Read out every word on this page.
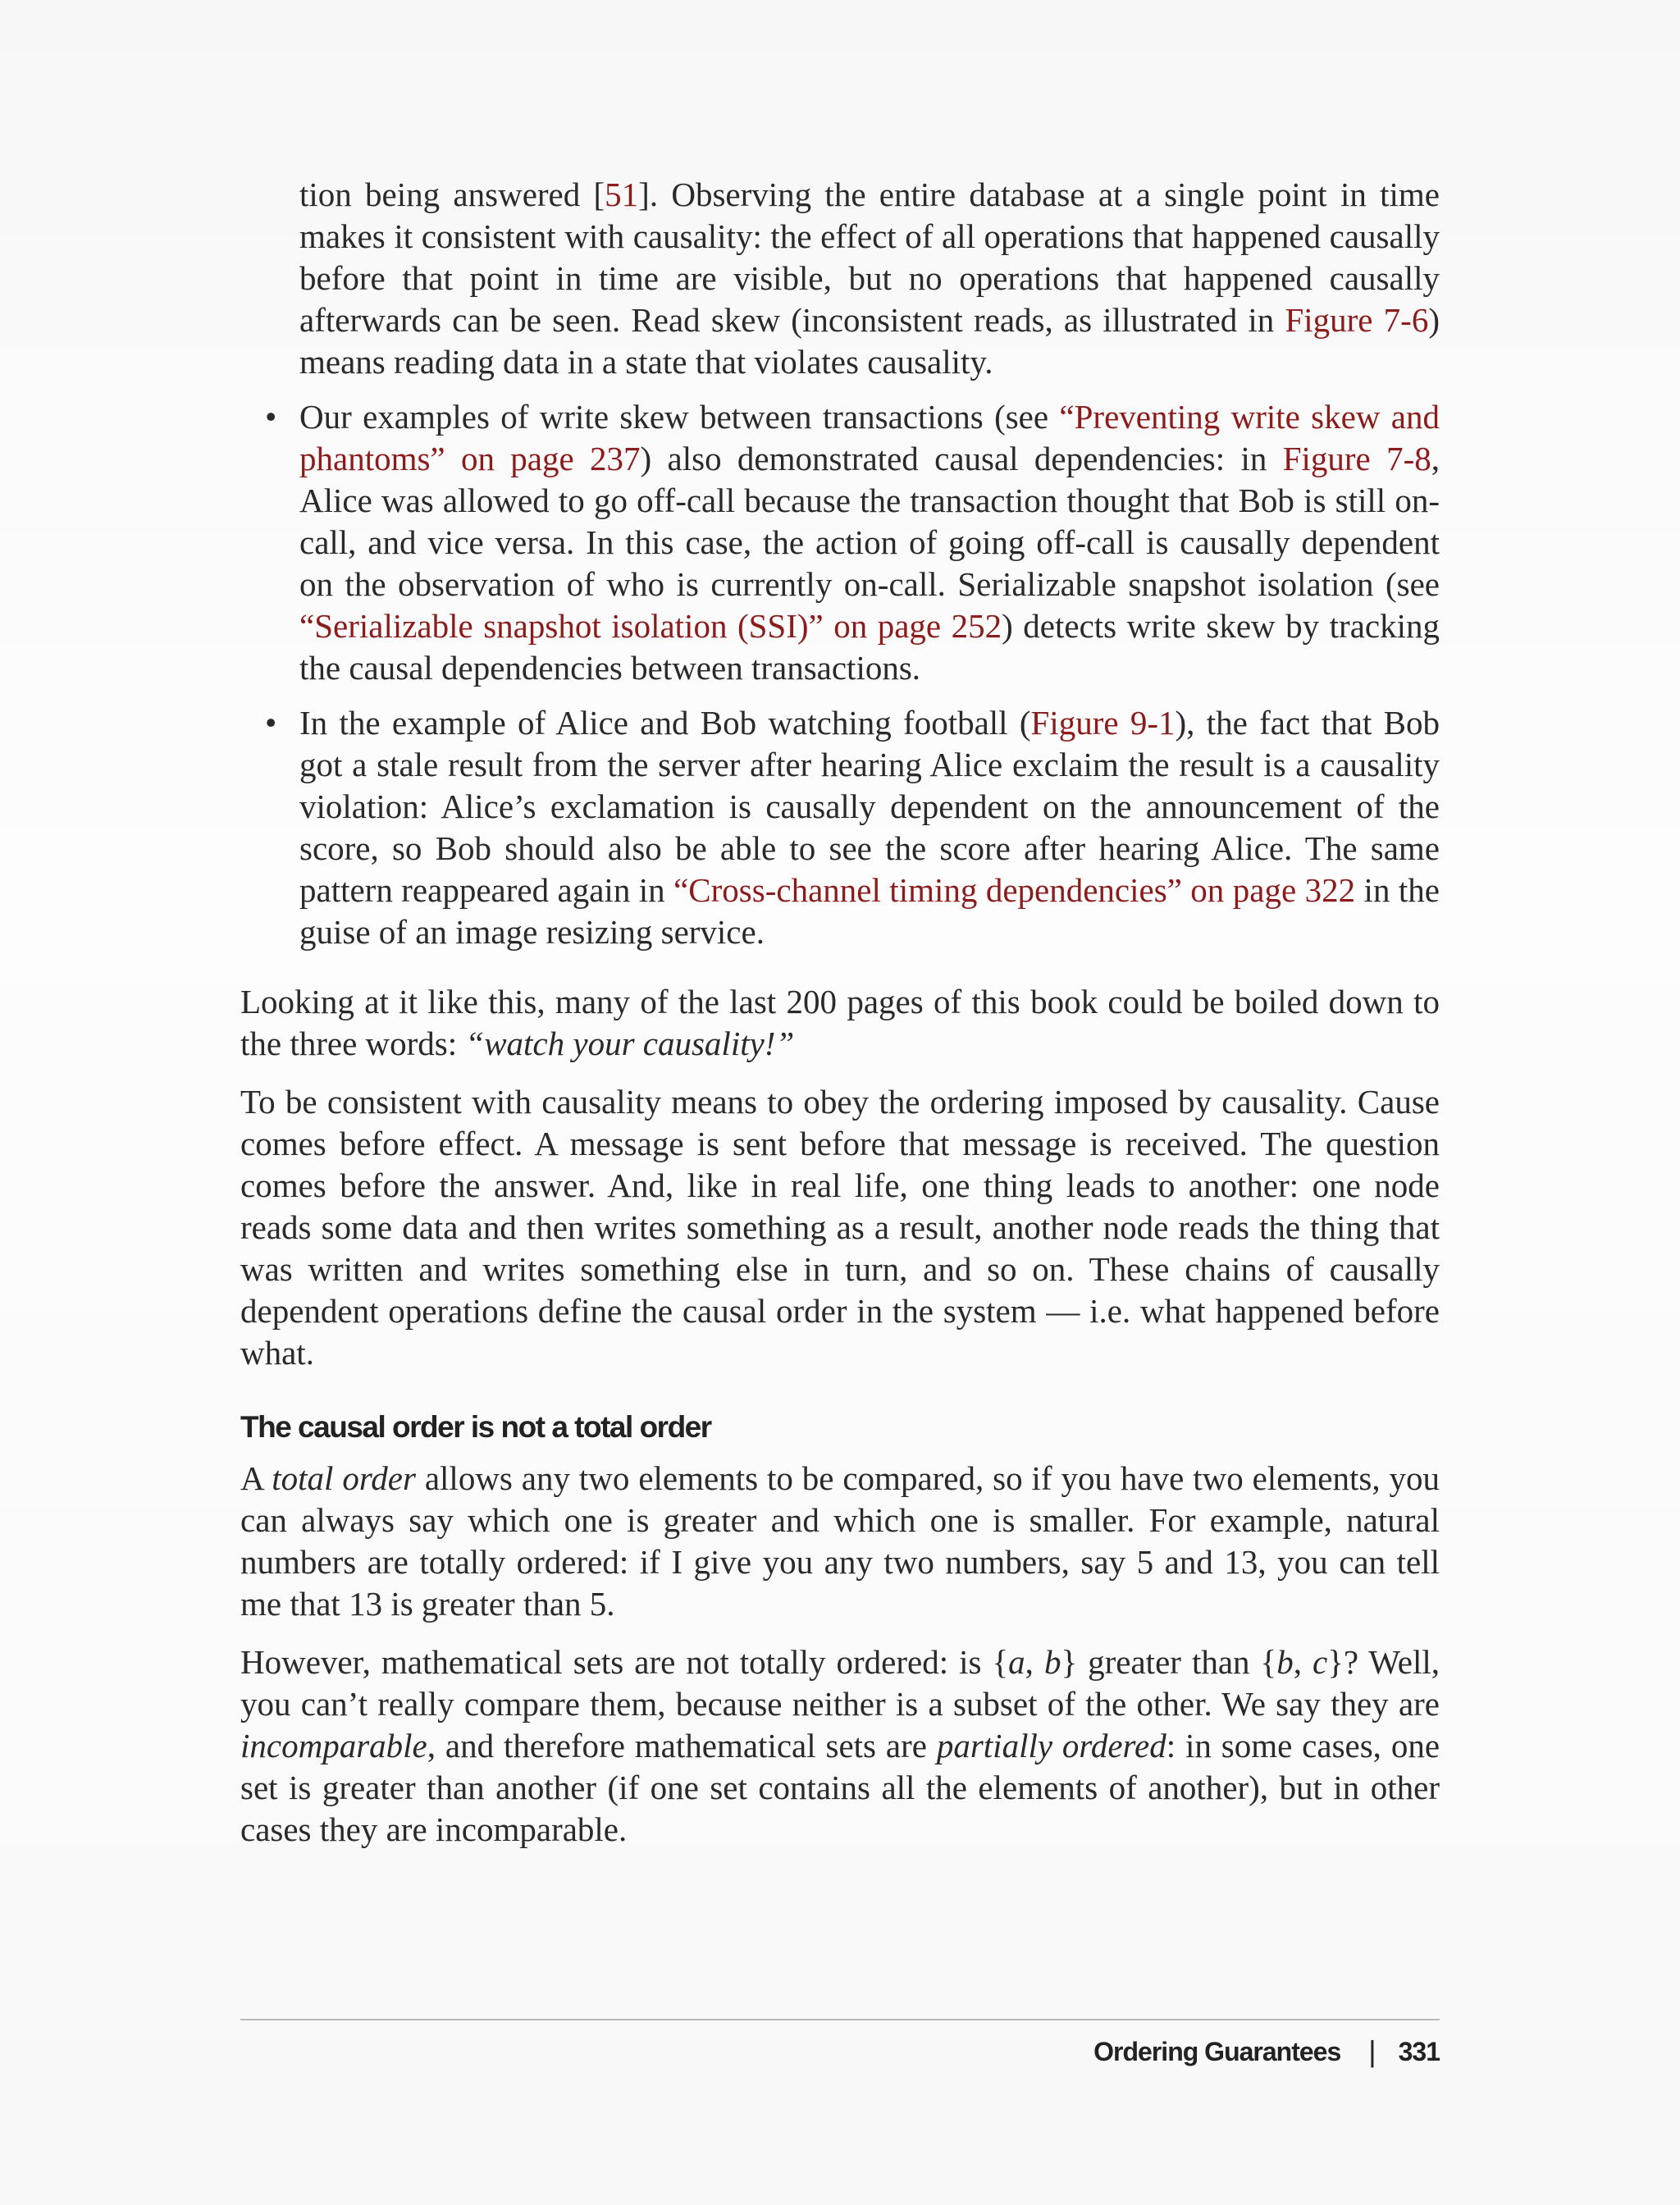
tion being answered [51]. Observing the entire database at a single point in time makes it consistent with causality: the effect of all operations that happened causally before that point in time are visible, but no operations that happened causally afterwards can be seen. Read skew (inconsistent reads, as illustrated in Figure 7-6) means reading data in a state that violates causality.

• Our examples of write skew between transactions (see “Preventing write skew and phantoms” on page 237) also demonstrated causal dependencies: in Figure 7-8, Alice was allowed to go off-call because the transaction thought that Bob is still on-call, and vice versa. In this case, the action of going off-call is causally dependent on the observation of who is currently on-call. Serializable snapshot isolation (see “Serializable snapshot isolation (SSI)” on page 252) detects write skew by tracking the causal dependencies between transactions.
• In the example of Alice and Bob watching football (Figure 9-1), the fact that Bob got a stale result from the server after hearing Alice exclaim the result is a causality violation: Alice’s exclamation is causally dependent on the announcement of the score, so Bob should also be able to see the score after hearing Alice. The same pattern reappeared again in “Cross-channel timing dependencies” on page 322 in the guise of an image resizing service.

Looking at it like this, many of the last 200 pages of this book could be boiled down to the three words: “watch your causality!”

To be consistent with causality means to obey the ordering imposed by causality. Cause comes before effect. A message is sent before that message is received. The question comes before the answer. And, like in real life, one thing leads to another: one node reads some data and then writes something as a result, another node reads the thing that was written and writes something else in turn, and so on. These chains of causally dependent operations define the causal order in the system — i.e. what happened before what.

The causal order is not a total order

A total order allows any two elements to be compared, so if you have two elements, you can always say which one is greater and which one is smaller. For example, natural numbers are totally ordered: if I give you any two numbers, say 5 and 13, you can tell me that 13 is greater than 5.

However, mathematical sets are not totally ordered: is {a, b} greater than {b, c}? Well, you can’t really compare them, because neither is a subset of the other. We say they are incomparable, and therefore mathematical sets are partially ordered: in some cases, one set is greater than another (if one set contains all the elements of another), but in other cases they are incomparable.

Ordering Guarantees | 331
